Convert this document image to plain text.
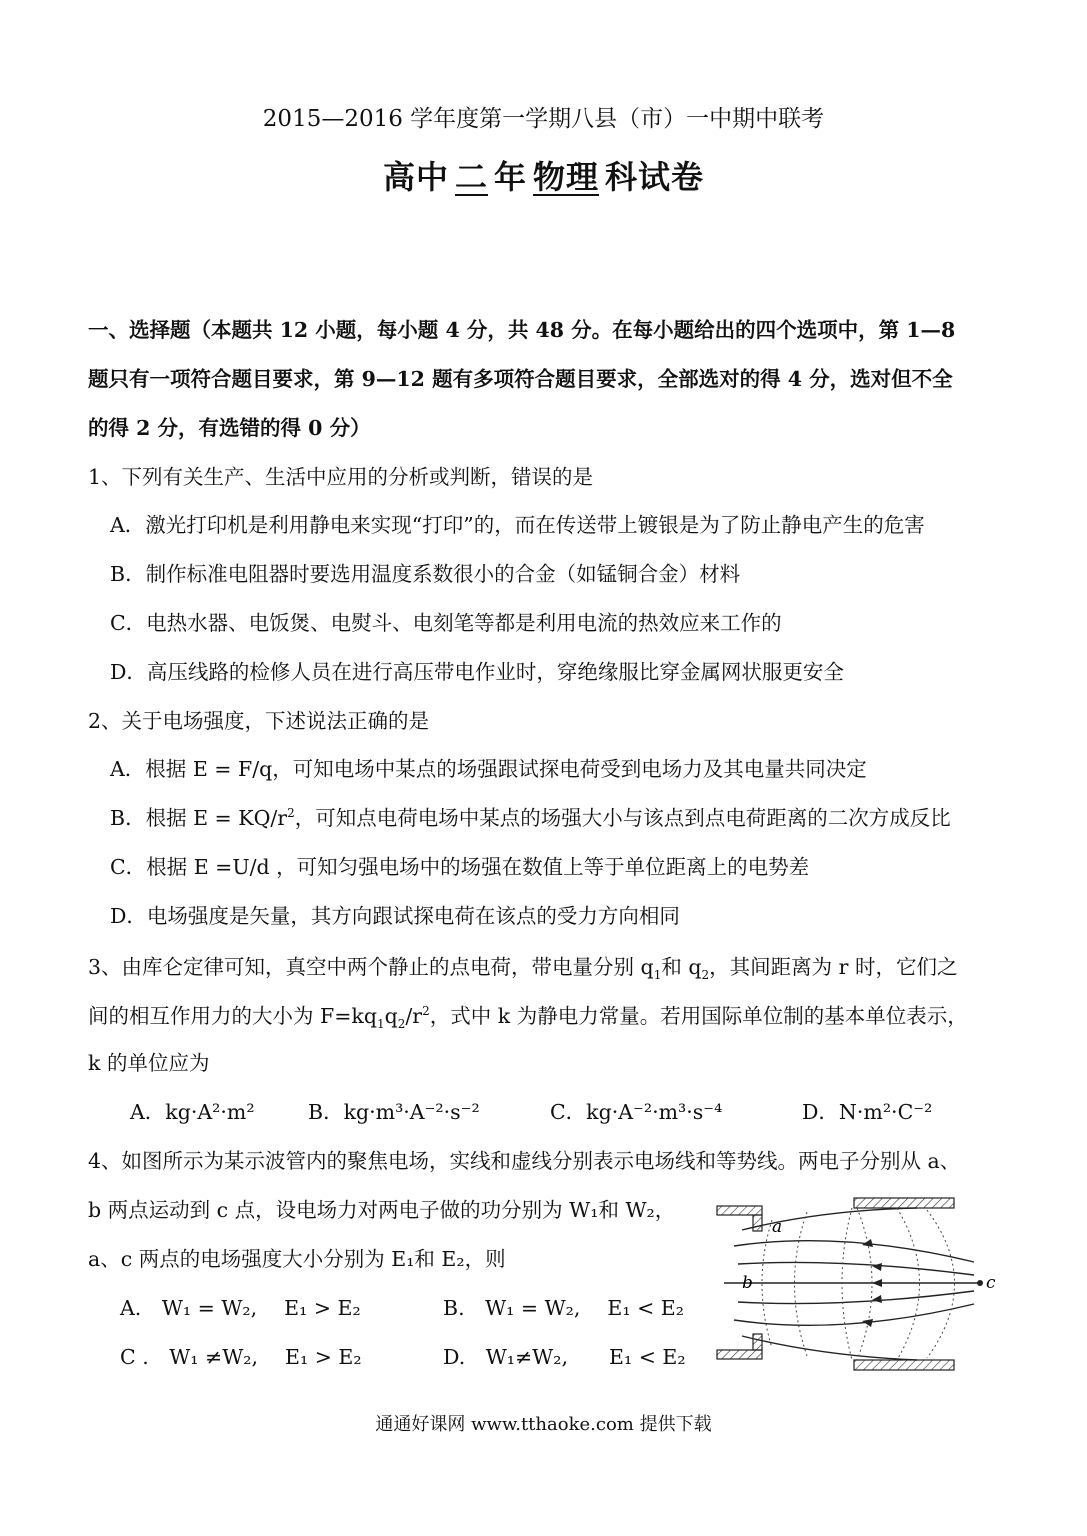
2015—2016 学年度第一学期八县（市）一中期中联考
高中 二 年 物理 科试卷
一、选择题（本题共 12 小题，每小题 4 分，共 48 分。在每小题给出的四个选项中，第 1—8
题只有一项符合题目要求，第 9—12 题有多项符合题目要求，全部选对的得 4 分，选对但不全
的得 2 分，有选错的得 0 分）
1、下列有关生产、生活中应用的分析或判断，错误的是
A．激光打印机是利用静电来实现“打印”的，而在传送带上镀银是为了防止静电产生的危害
B．制作标准电阻器时要选用温度系数很小的合金（如锰铜合金）材料
C．电热水器、电饭煲、电熨斗、电刻笔等都是利用电流的热效应来工作的
D．高压线路的检修人员在进行高压带电作业时，穿绝缘服比穿金属网状服更安全
2、关于电场强度，下述说法正确的是
A．根据 E = F/q，可知电场中某点的场强跟试探电荷受到电场力及其电量共同决定
B．根据 $E = KQ/r^2$，可知点电荷电场中某点的场强大小与该点到点电荷距离的二次方成反比
C．根据 E =U/d ，可知匀强电场中的场强在数值上等于单位距离上的电势差
D．电场强度是矢量，其方向跟试探电荷在该点的受力方向相同
3、由库仑定律可知，真空中两个静止的点电荷，带电量分别 $q_1$和 $q_2$，其间距离为 r 时，它们之
间的相互作用力的大小为 $F=kq_1q_2/r^2$，式中 k 为静电力常量。若用国际单位制的基本单位表示，
k 的单位应为
A．kg·A²·m²	B．kg·m³·A⁻²·s⁻²	C．kg·A⁻²·m³·s⁻⁴	D．N·m²·C⁻²
4、如图所示为某示波管内的聚焦电场，实线和虚线分别表示电场线和等势线。两电子分别从 a、
b 两点运动到 c 点，设电场力对两电子做的功分别为 W₁和 W₂，
a、c 两点的电场强度大小分别为 E₁和 E₂，则
A.　W₁ = W₂,　 E₁ > E₂	B.　W₁ = W₂,　 E₁ < E₂
C .　W₁ ≠W₂,　 E₁ > E₂	D.　W₁≠W₂,　　E₁ < E₂
b
a
c
通通好课网 www.tthaoke.com 提供下载
